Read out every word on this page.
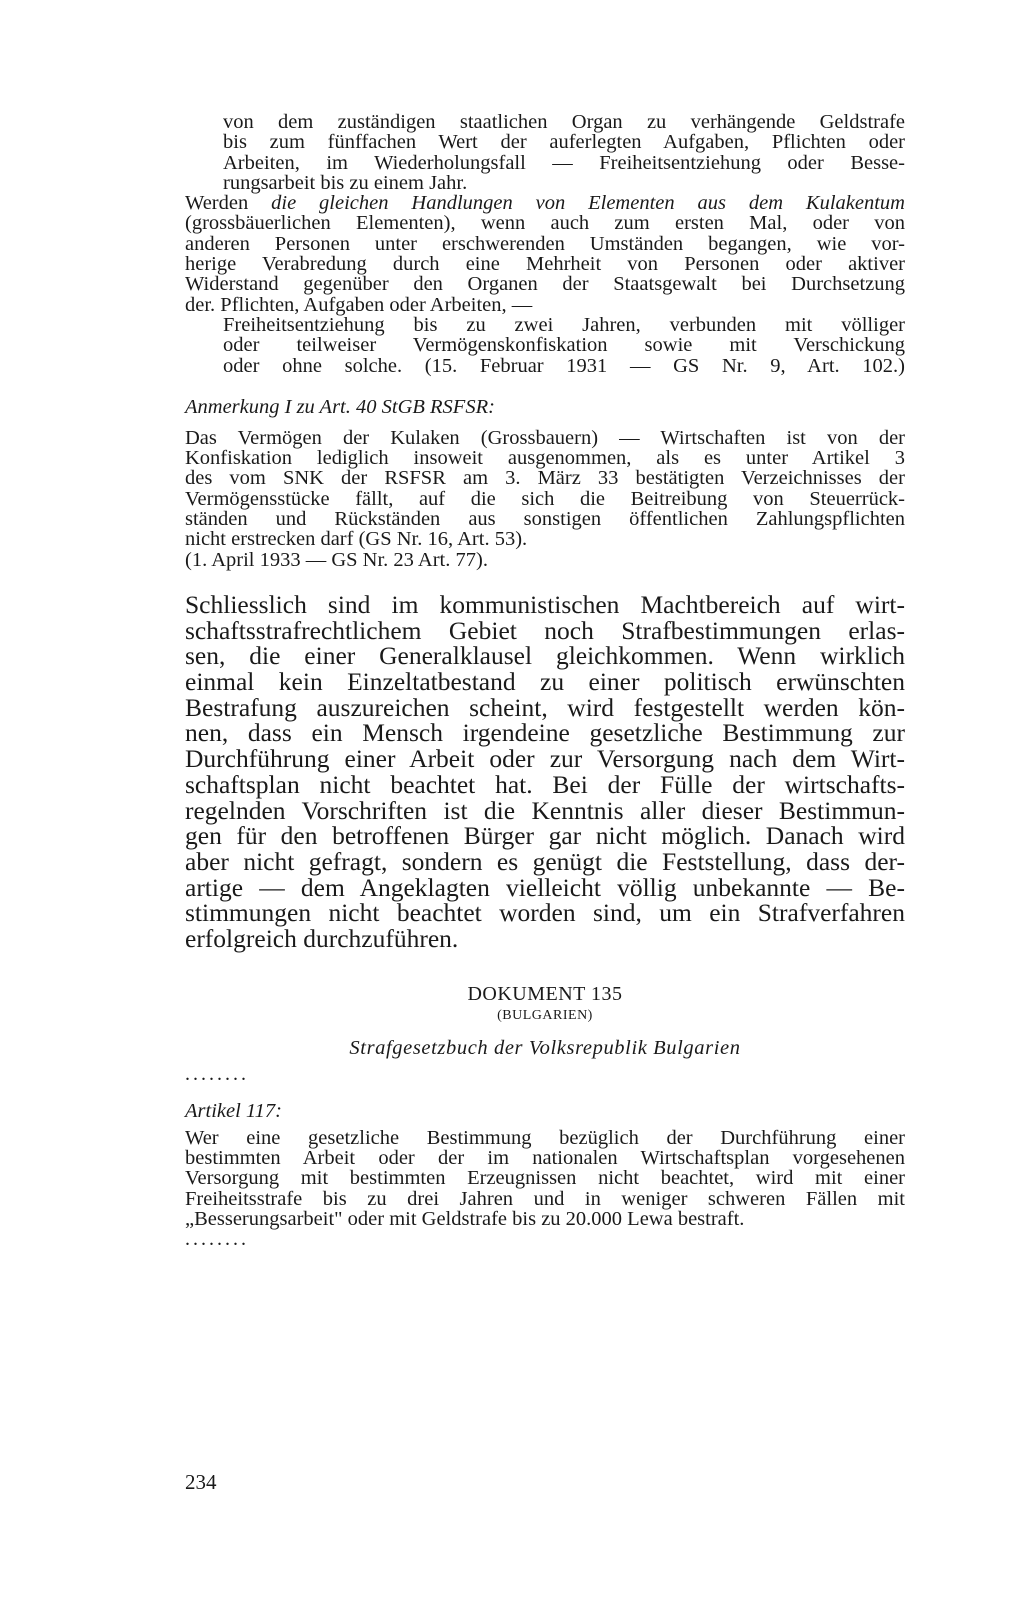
von dem zuständigen staatlichen Organ zu verhängende Geldstrafe
bis zum fünffachen Wert der auferlegten Aufgaben, Pflichten oder
Arbeiten, im Wiederholungsfall — Freiheitsentziehung oder Besse-
rungsarbeit bis zu einem Jahr.
Werden die gleichen Handlungen von Elementen aus dem Kulakentum
(grossbäuerlichen Elementen), wenn auch zum ersten Mal, oder von
anderen Personen unter erschwerenden Umständen begangen, wie vor-
herige Verabredung durch eine Mehrheit von Personen oder aktiver
Widerstand gegenüber den Organen der Staatsgewalt bei Durchsetzung
der. Pflichten, Aufgaben oder Arbeiten, —
Freiheitsentziehung bis zu zwei Jahren, verbunden mit völliger
oder teilweiser Vermögenskonfiskation sowie mit Verschickung
oder ohne solche. (15. Februar 1931 — GS Nr. 9, Art. 102.)

Anmerkung I zu Art. 40 StGB RSFSR:

Das Vermögen der Kulaken (Grossbauern) — Wirtschaften ist von der
Konfiskation lediglich insoweit ausgenommen, als es unter Artikel 3
des vom SNK der RSFSR am 3. März 33 bestätigten Verzeichnisses der
Vermögensstücke fällt, auf die sich die Beitreibung von Steuerrück-
ständen und Rückständen aus sonstigen öffentlichen Zahlungspflichten
nicht erstrecken darf (GS Nr. 16, Art. 53).
(1. April 1933 — GS Nr. 23 Art. 77).
Schliesslich sind im kommunistischen Machtbereich auf wirt-
schaftsstrafrechtlichem Gebiet noch Strafbestimmungen erlas-
sen, die einer Generalklausel gleichkommen. Wenn wirklich
einmal kein Einzeltatbestand zu einer politisch erwünschten
Bestrafung auszureichen scheint, wird festgestellt werden kön-
nen, dass ein Mensch irgendeine gesetzliche Bestimmung zur
Durchführung einer Arbeit oder zur Versorgung nach dem Wirt-
schaftsplan nicht beachtet hat. Bei der Fülle der wirtschafts-
regelnden Vorschriften ist die Kenntnis aller dieser Bestimmun-
gen für den betroffenen Bürger gar nicht möglich. Danach wird
aber nicht gefragt, sondern es genügt die Feststellung, dass der-
artige — dem Angeklagten vielleicht völlig unbekannte — Be-
stimmungen nicht beachtet worden sind, um ein Strafverfahren
erfolgreich durchzuführen.

DOKUMENT 135

(BULGARIEN)

Strafgesetzbuch der Volksrepublik Bulgarien

........

Artikel 117:

Wer eine gesetzliche Bestimmung bezüglich der Durchführung einer
bestimmten Arbeit oder der im nationalen Wirtschaftsplan vorgesehenen
Versorgung mit bestimmten Erzeugnissen nicht beachtet, wird mit einer
Freiheitsstrafe bis zu drei Jahren und in weniger schweren Fällen mit
„Besserungsarbeit" oder mit Geldstrafe bis zu 20.000 Lewa bestraft.

........

234
